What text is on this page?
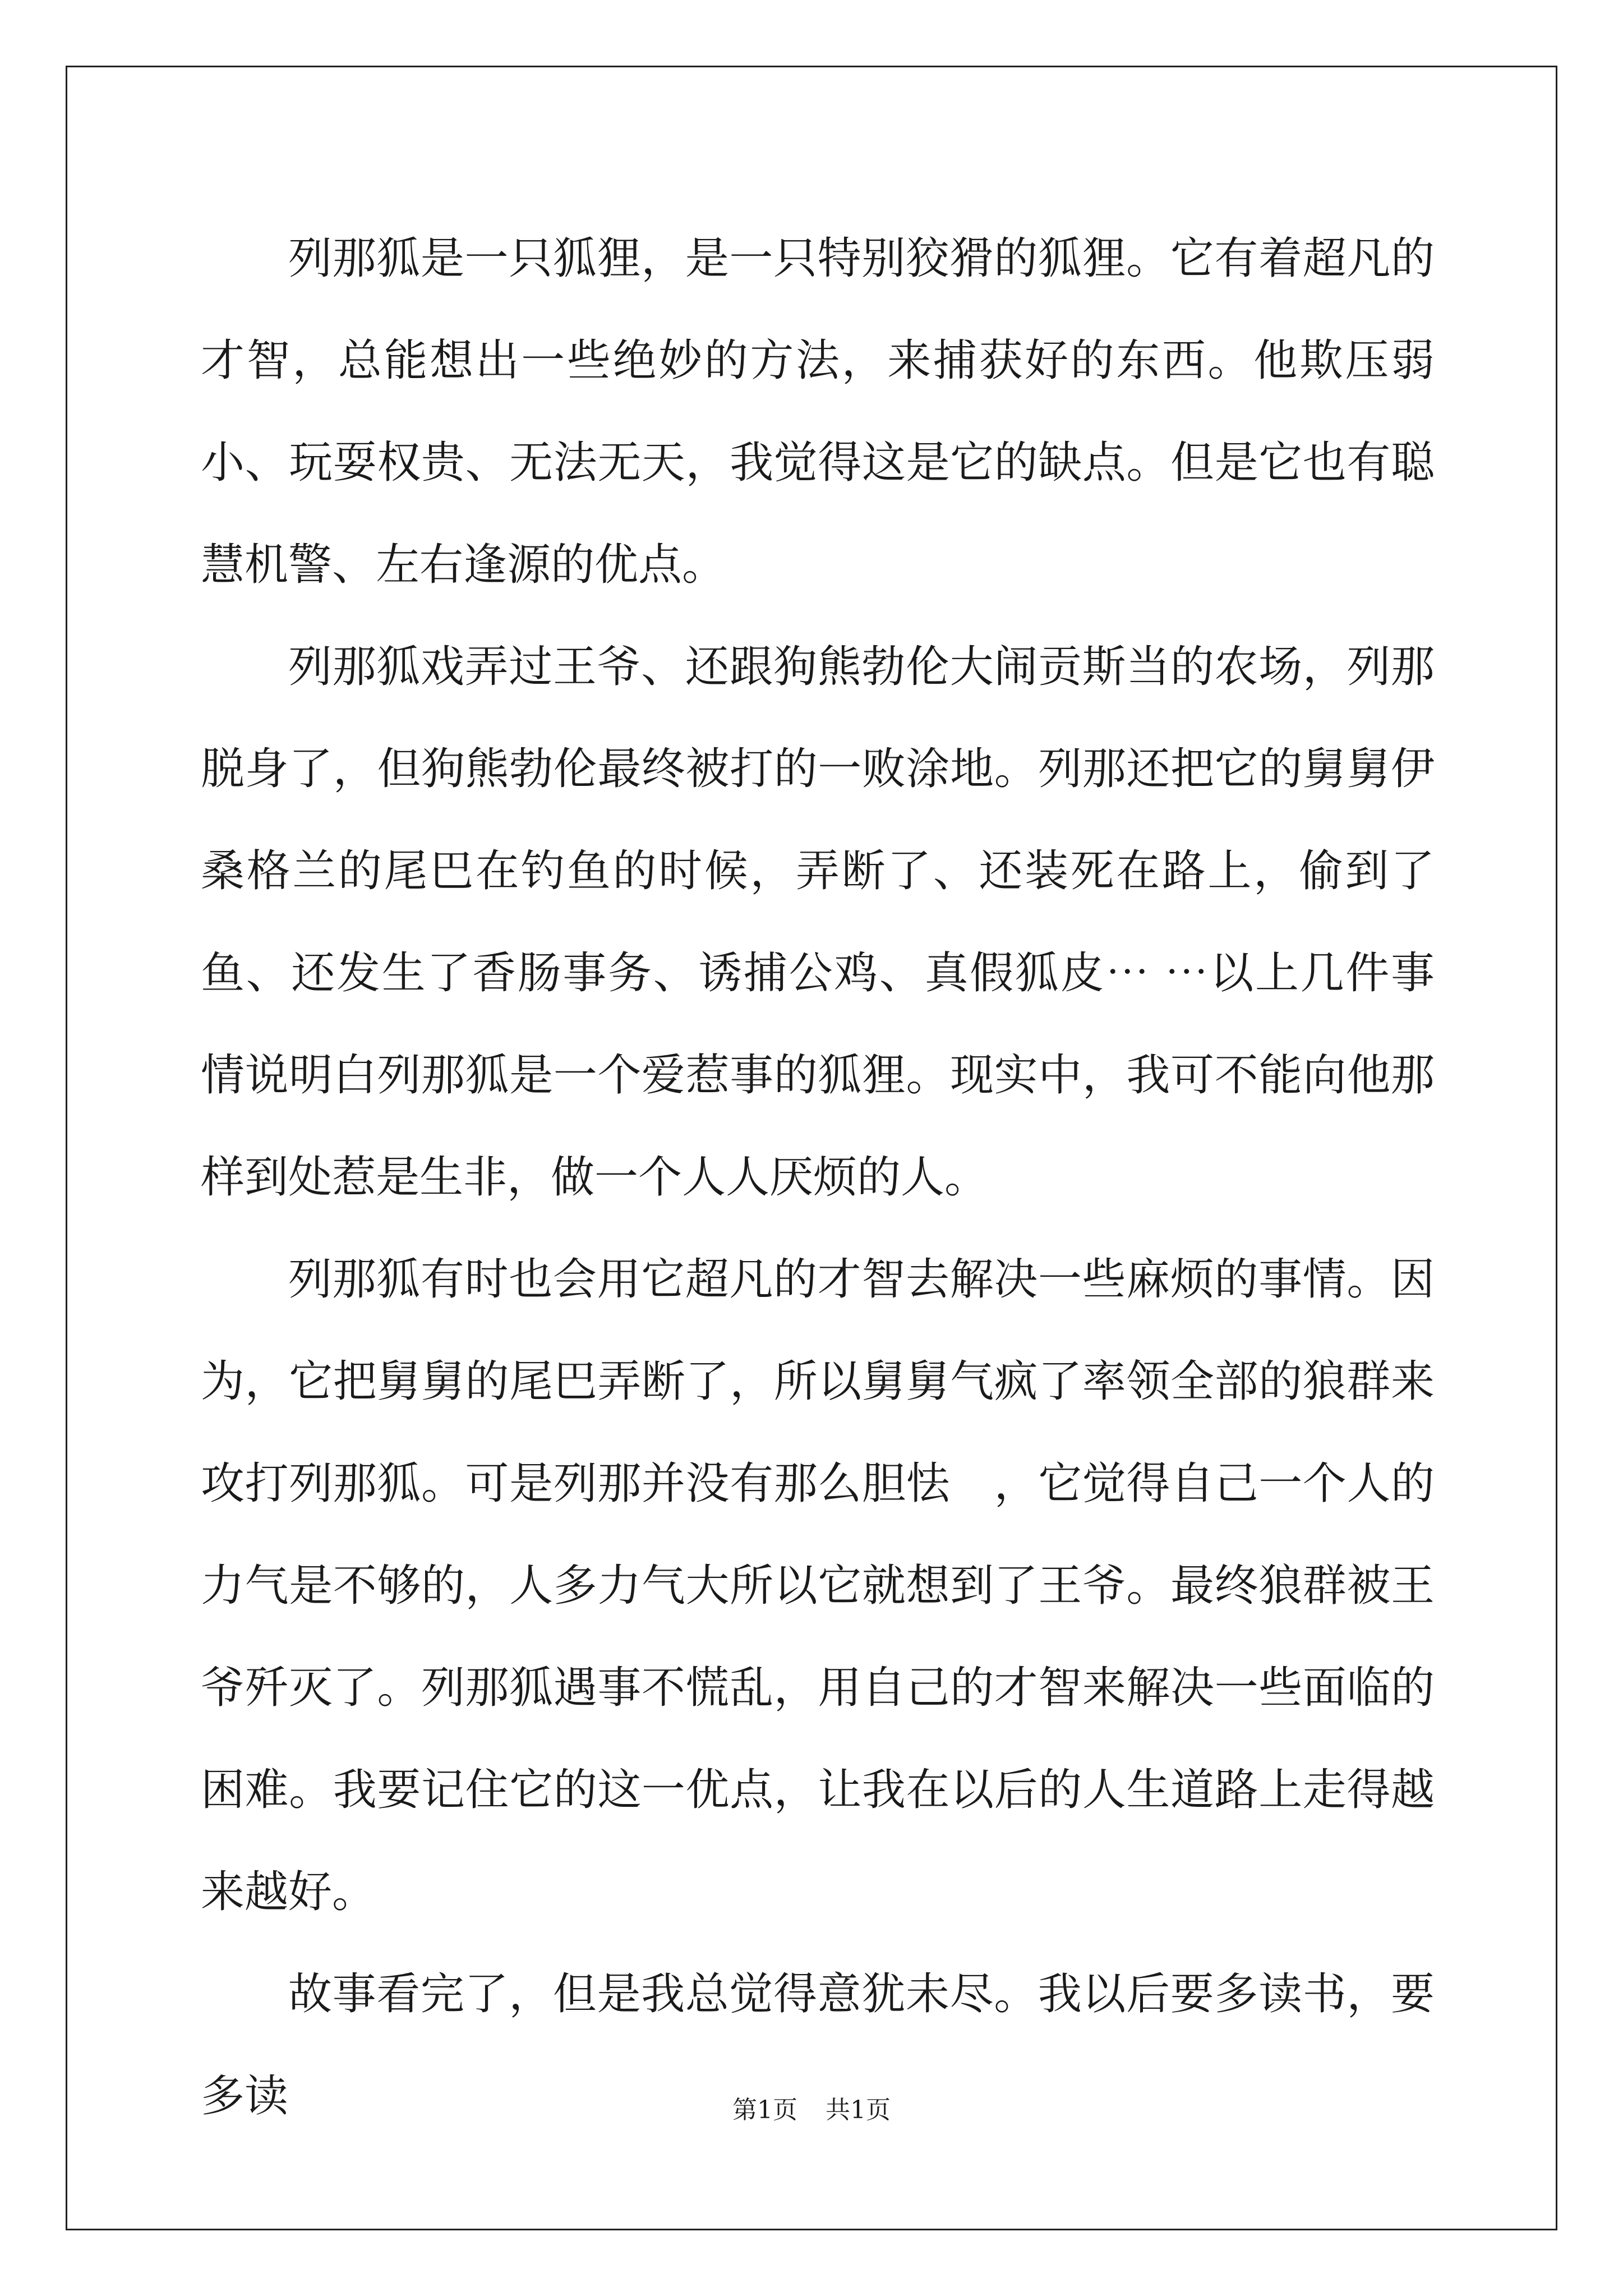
列那狐是一只狐狸，是一只特别狡猾的狐狸。它有着超凡的才智，总能想出一些绝妙的方法，来捕获好的东西。他欺压弱小、玩耍权贵、无法无天，我觉得这是它的缺点。但是它也有聪慧机警、左右逢源的优点。

列那狐戏弄过王爷、还跟狗熊勃伦大闹贡斯当的农场，列那脱身了，但狗熊勃伦最终被打的一败涂地。列那还把它的舅舅伊桑格兰的尾巴在钓鱼的时候，弄断了、还装死在路上，偷到了鱼、还发生了香肠事务、诱捕公鸡、真假狐皮⋯ ⋯以上几件事情说明白列那狐是一个爱惹事的狐狸。现实中，我可不能向他那样到处惹是生非，做一个人人厌烦的人。

列那狐有时也会用它超凡的才智去解决一些麻烦的事情。因为，它把舅舅的尾巴弄断了，所以舅舅气疯了率领全部的狼群来攻打列那狐。可是列那并没有那么胆怯　，它觉得自己一个人的力气是不够的，人多力气大所以它就想到了王爷。最终狼群被王爷歼灭了。列那狐遇事不慌乱，用自己的才智来解决一些面临的困难。我要记住它的这一优点，让我在以后的人生道路上走得越来越好。

故事看完了，但是我总觉得意犹未尽。我以后要多读书，要多读	第1页 共1页
